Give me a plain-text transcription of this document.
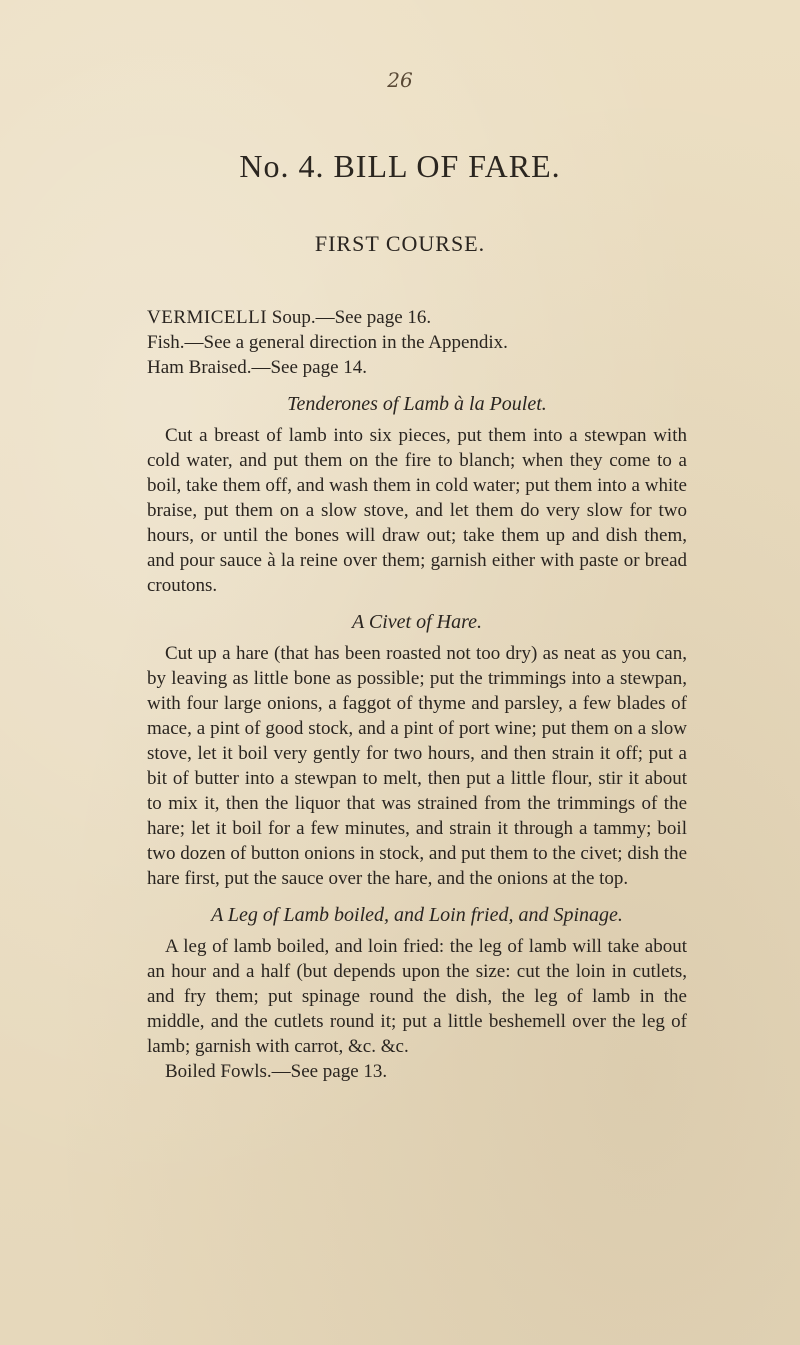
26
No. 4. BILL OF FARE.
FIRST COURSE.

VERMICELLI Soup.—See page 16.

Fish.—See a general direction in the Appendix.

Ham Braised.—See page 14.

Tenderones of Lamb à la Poulet.

Cut a breast of lamb into six pieces, put them into a stewpan with cold water, and put them on the fire to blanch; when they come to a boil, take them off, and wash them in cold water; put them into a white braise, put them on a slow stove, and let them do very slow for two hours, or until the bones will draw out; take them up and dish them, and pour sauce à la reine over them; garnish either with paste or bread croutons.

A Civet of Hare.

Cut up a hare (that has been roasted not too dry) as neat as you can, by leaving as little bone as possible; put the trimmings into a stewpan, with four large onions, a faggot of thyme and parsley, a few blades of mace, a pint of good stock, and a pint of port wine; put them on a slow stove, let it boil very gently for two hours, and then strain it off; put a bit of butter into a stewpan to melt, then put a little flour, stir it about to mix it, then the liquor that was strained from the trimmings of the hare; let it boil for a few minutes, and strain it through a tammy; boil two dozen of button onions in stock, and put them to the civet; dish the hare first, put the sauce over the hare, and the onions at the top.

A Leg of Lamb boiled, and Loin fried, and Spinage.

A leg of lamb boiled, and loin fried: the leg of lamb will take about an hour and a half (but depends upon the size: cut the loin in cutlets, and fry them; put spinage round the dish, the leg of lamb in the middle, and the cutlets round it; put a little beshemell over the leg of lamb; garnish with carrot, &c. &c.

Boiled Fowls.—See page 13.
